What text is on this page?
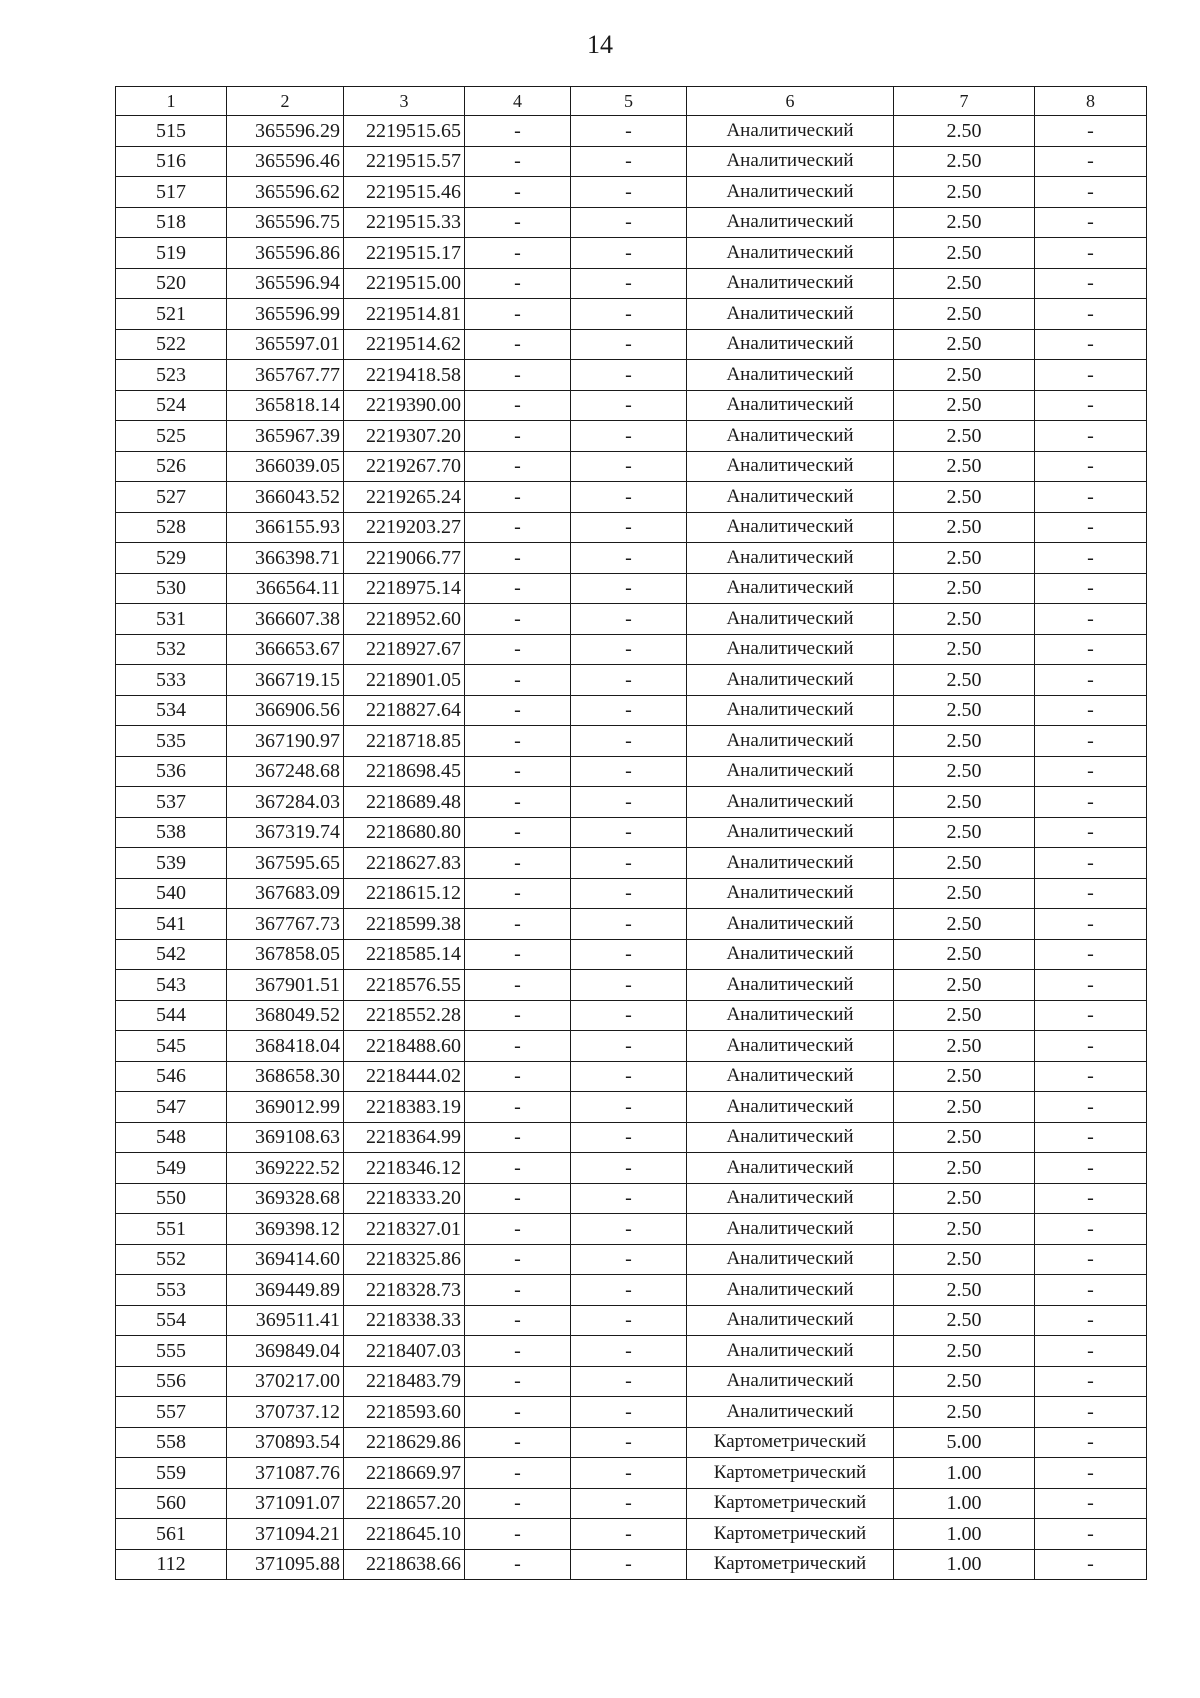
14
1	2	3	4	5	6	7	8
515	365596.29	2219515.65	-	-	Аналитический	2.50	-
516	365596.46	2219515.57	-	-	Аналитический	2.50	-
517	365596.62	2219515.46	-	-	Аналитический	2.50	-
518	365596.75	2219515.33	-	-	Аналитический	2.50	-
519	365596.86	2219515.17	-	-	Аналитический	2.50	-
520	365596.94	2219515.00	-	-	Аналитический	2.50	-
521	365596.99	2219514.81	-	-	Аналитический	2.50	-
522	365597.01	2219514.62	-	-	Аналитический	2.50	-
523	365767.77	2219418.58	-	-	Аналитический	2.50	-
524	365818.14	2219390.00	-	-	Аналитический	2.50	-
525	365967.39	2219307.20	-	-	Аналитический	2.50	-
526	366039.05	2219267.70	-	-	Аналитический	2.50	-
527	366043.52	2219265.24	-	-	Аналитический	2.50	-
528	366155.93	2219203.27	-	-	Аналитический	2.50	-
529	366398.71	2219066.77	-	-	Аналитический	2.50	-
530	366564.11	2218975.14	-	-	Аналитический	2.50	-
531	366607.38	2218952.60	-	-	Аналитический	2.50	-
532	366653.67	2218927.67	-	-	Аналитический	2.50	-
533	366719.15	2218901.05	-	-	Аналитический	2.50	-
534	366906.56	2218827.64	-	-	Аналитический	2.50	-
535	367190.97	2218718.85	-	-	Аналитический	2.50	-
536	367248.68	2218698.45	-	-	Аналитический	2.50	-
537	367284.03	2218689.48	-	-	Аналитический	2.50	-
538	367319.74	2218680.80	-	-	Аналитический	2.50	-
539	367595.65	2218627.83	-	-	Аналитический	2.50	-
540	367683.09	2218615.12	-	-	Аналитический	2.50	-
541	367767.73	2218599.38	-	-	Аналитический	2.50	-
542	367858.05	2218585.14	-	-	Аналитический	2.50	-
543	367901.51	2218576.55	-	-	Аналитический	2.50	-
544	368049.52	2218552.28	-	-	Аналитический	2.50	-
545	368418.04	2218488.60	-	-	Аналитический	2.50	-
546	368658.30	2218444.02	-	-	Аналитический	2.50	-
547	369012.99	2218383.19	-	-	Аналитический	2.50	-
548	369108.63	2218364.99	-	-	Аналитический	2.50	-
549	369222.52	2218346.12	-	-	Аналитический	2.50	-
550	369328.68	2218333.20	-	-	Аналитический	2.50	-
551	369398.12	2218327.01	-	-	Аналитический	2.50	-
552	369414.60	2218325.86	-	-	Аналитический	2.50	-
553	369449.89	2218328.73	-	-	Аналитический	2.50	-
554	369511.41	2218338.33	-	-	Аналитический	2.50	-
555	369849.04	2218407.03	-	-	Аналитический	2.50	-
556	370217.00	2218483.79	-	-	Аналитический	2.50	-
557	370737.12	2218593.60	-	-	Аналитический	2.50	-
558	370893.54	2218629.86	-	-	Картометрический	5.00	-
559	371087.76	2218669.97	-	-	Картометрический	1.00	-
560	371091.07	2218657.20	-	-	Картометрический	1.00	-
561	371094.21	2218645.10	-	-	Картометрический	1.00	-
112	371095.88	2218638.66	-	-	Картометрический	1.00	-
